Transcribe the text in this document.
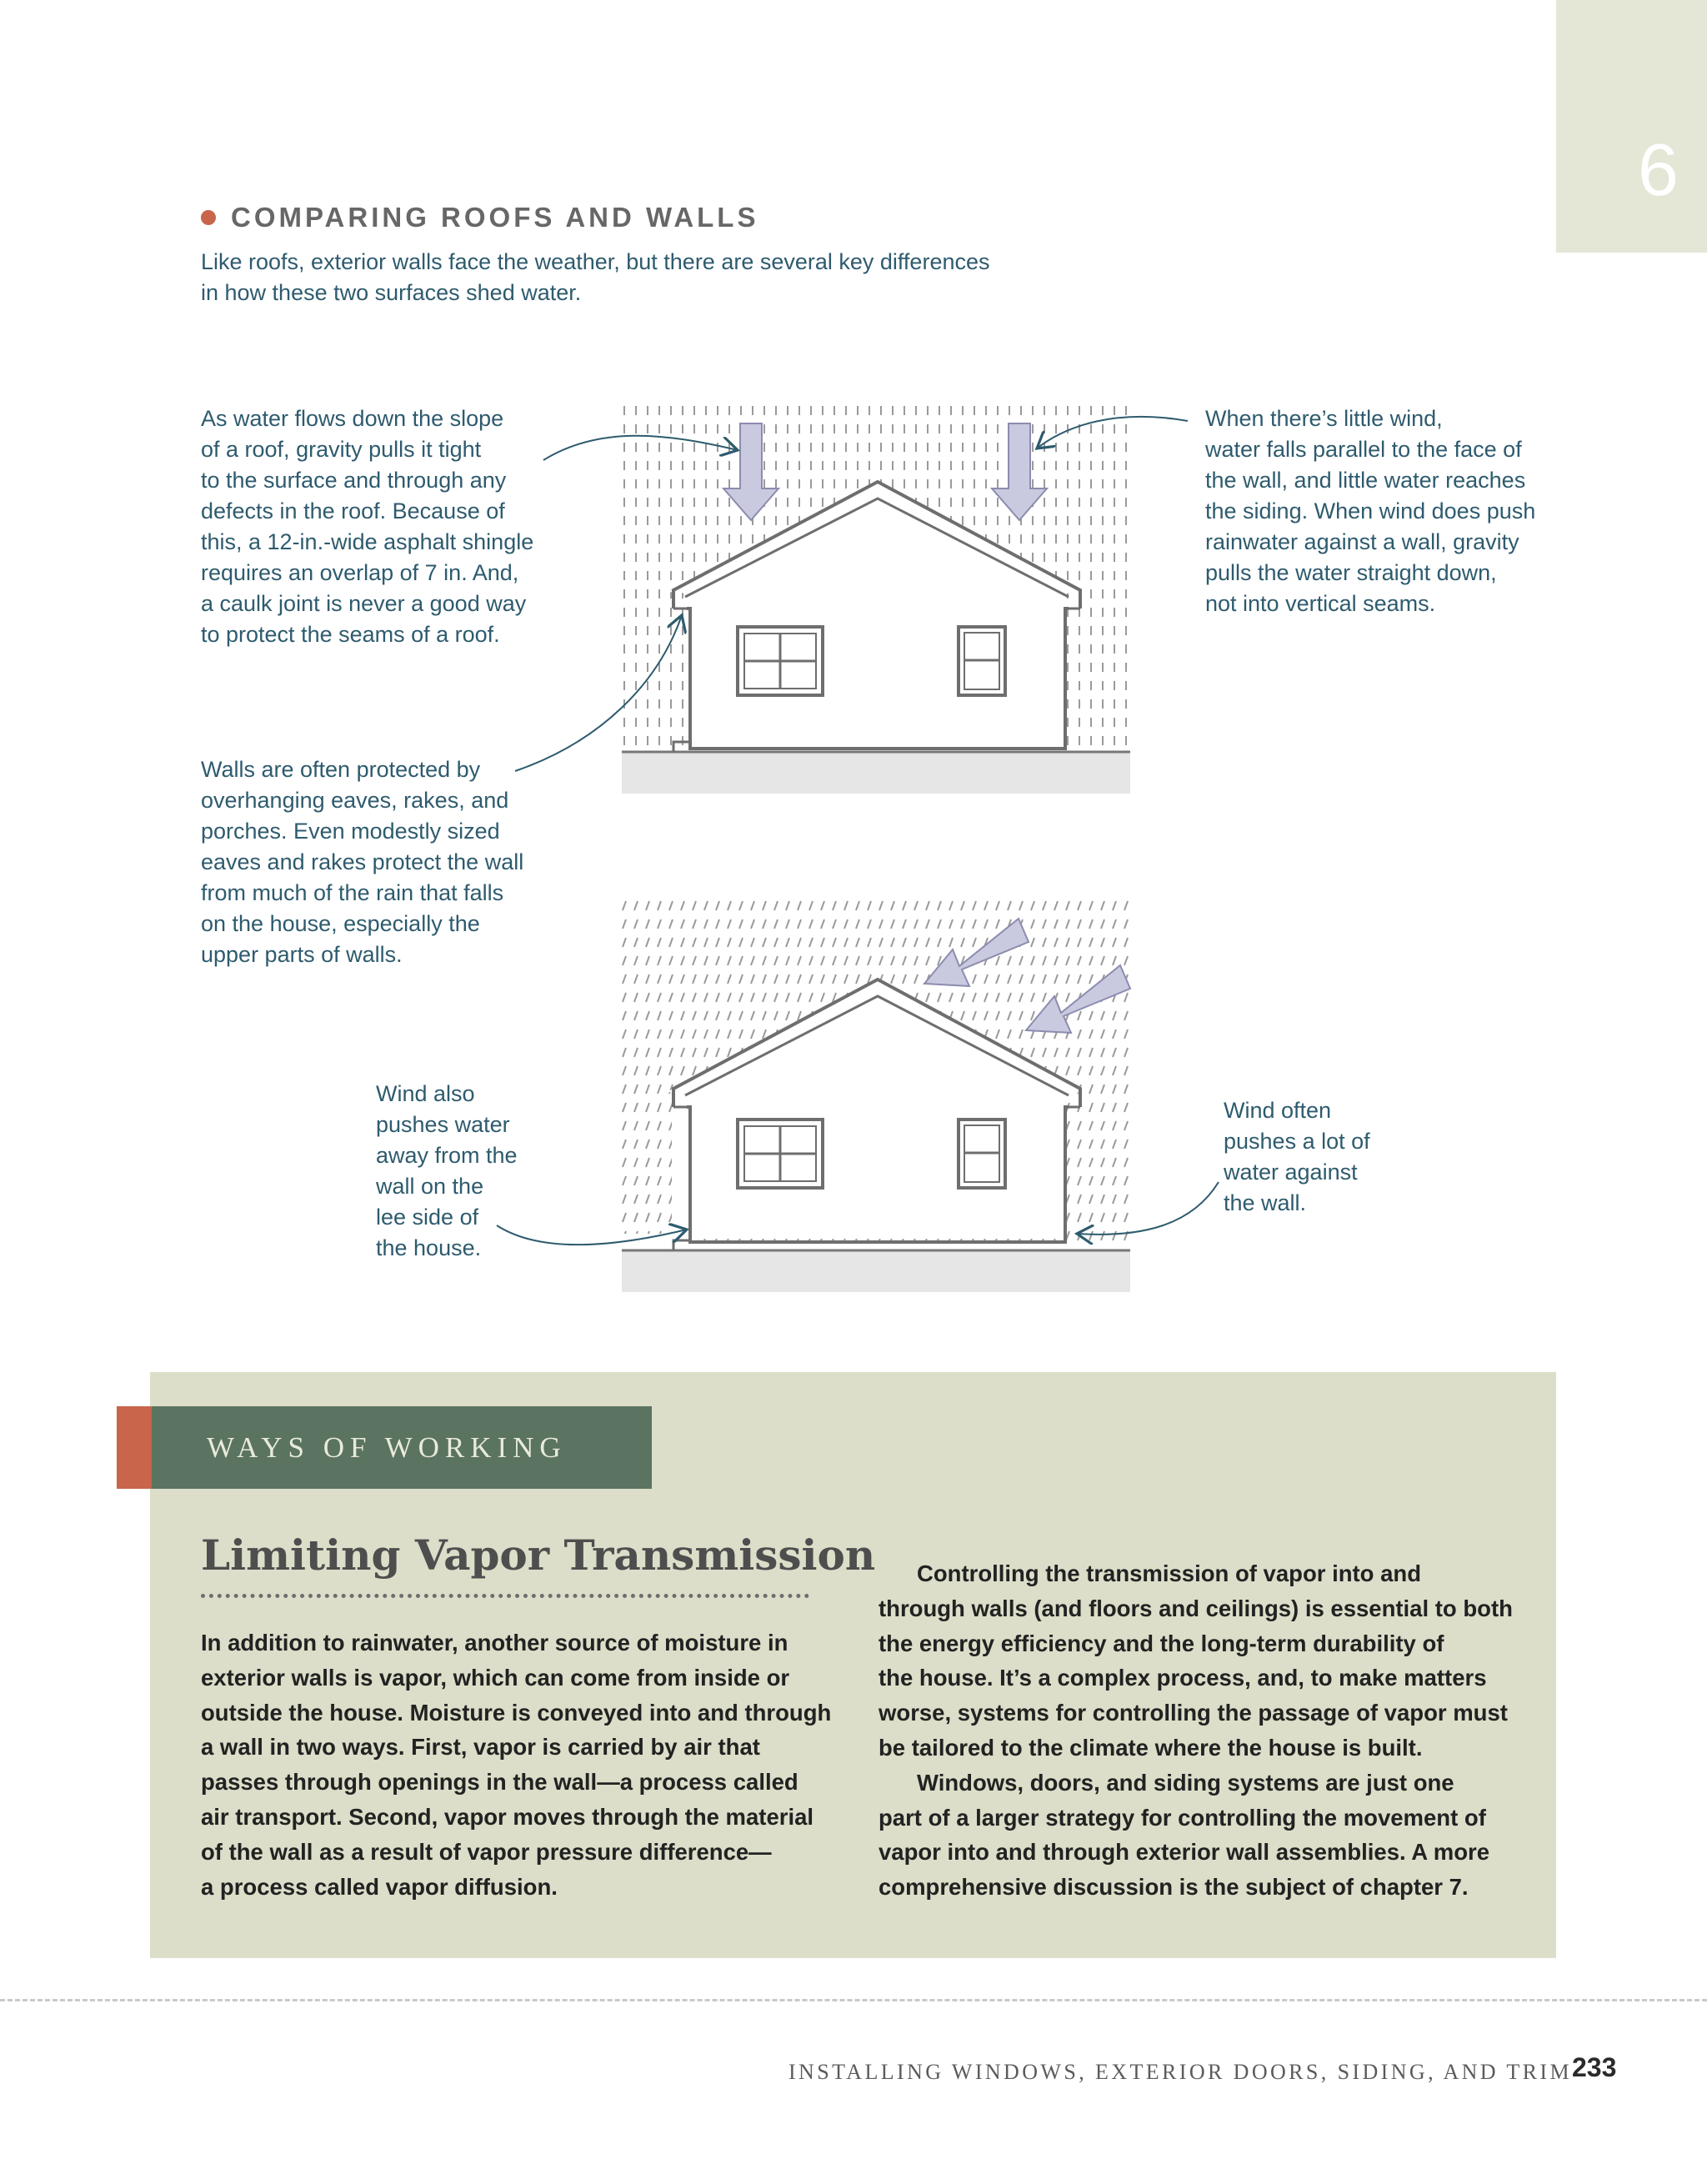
6
COMPARING ROOFS AND WALLS
Like roofs, exterior walls face the weather, but there are several key differences
in how these two surfaces shed water.
As water flows down the slope
of a roof, gravity pulls it tight
to the surface and through any
defects in the roof. Because of
this, a 12-in.-wide asphalt shingle
requires an overlap of 7 in. And,
a caulk joint is never a good way
to protect the seams of a roof.
When there’s little wind,
water falls parallel to the face of
the wall, and little water reaches
the siding. When wind does push
rainwater against a wall, gravity
pulls the water straight down,
not into vertical seams.
Walls are often protected by
overhanging eaves, rakes, and
porches. Even modestly sized
eaves and rakes protect the wall
from much of the rain that falls
on the house, especially the
upper parts of walls.
Wind also
pushes water
away from the
wall on the
lee side of
the house.
Wind often
pushes a lot of
water against
the wall.
WAYS OF WORKING
Limiting Vapor Transmission
In addition to rainwater, another source of moisture in
exterior walls is vapor, which can come from inside or
outside the house. Moisture is conveyed into and through
a wall in two ways. First, vapor is carried by air that
passes through openings in the wall—a process called
air transport. Second, vapor moves through the material
of the wall as a result of vapor pressure difference—
a process called vapor diffusion.
Controlling the transmission of vapor into and
through walls (and floors and ceilings) is essential to both
the energy efficiency and the long-term durability of
the house. It’s a complex process, and, to make matters
worse, systems for controlling the passage of vapor must
be tailored to the climate where the house is built.
Windows, doors, and siding systems are just one
part of a larger strategy for controlling the movement of
vapor into and through exterior wall assemblies. A more
comprehensive discussion is the subject of chapter 7.
INSTALLING WINDOWS, EXTERIOR DOORS, SIDING, AND TRIM 233
